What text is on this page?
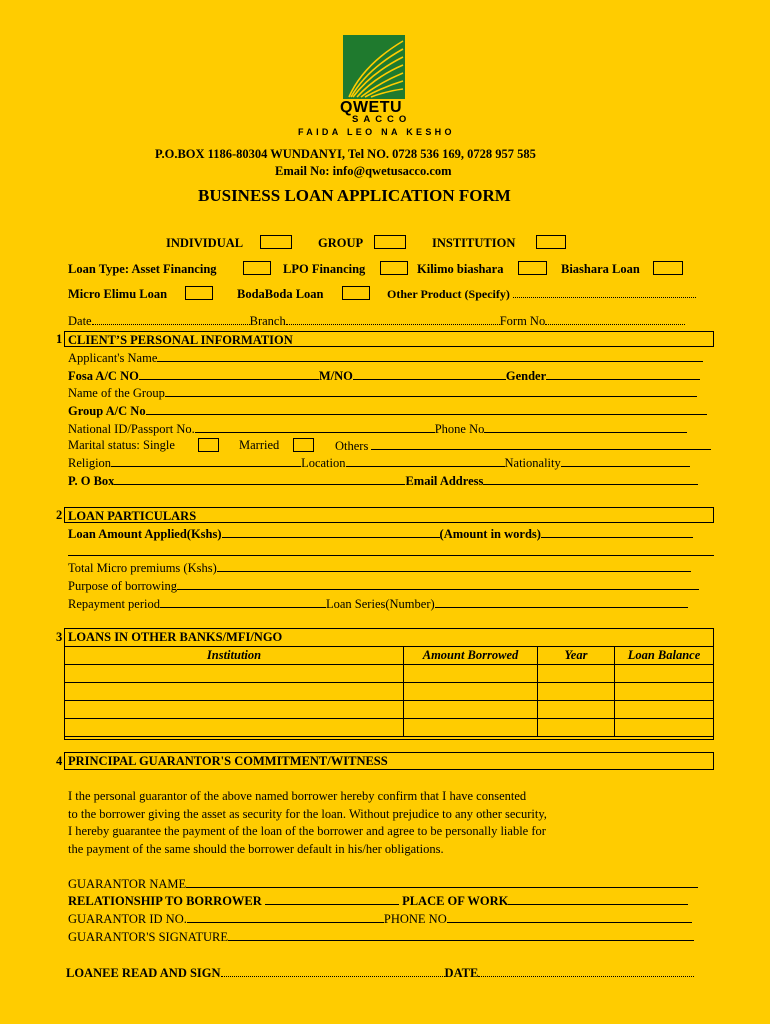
QWETU
SACCO
FAIDA LEO NA KESHO
P.O.BOX 1186-80304 WUNDANYI, Tel NO. 0728 536 169, 0728 957 585
Email No: info@qwetusacco.com
BUSINESS LOAN APPLICATION FORM
INDIVIDUAL	GROUP	INSTITUTION
Loan Type: Asset Financing	LPO Financing	Kilimo biashara	Biashara Loan
Micro Elimu Loan	BodaBoda Loan	Other Product (Specify)
Date	Branch	Form No
1 CLIENT’S PERSONAL INFORMATION
Applicant's Name
Fosa A/C NO	M/NO	Gender
Name of the Group
Group A/C No
National ID/Passport No.	Phone No
Marital status: Single	Married	Others
Religion	Location	Nationality
P. O Box	Email Address
2 LOAN PARTICULARS
Loan Amount Applied(Kshs)	(Amount in words)
Total Micro premiums (Kshs)
Purpose of borrowing
Repayment period	Loan Series(Number)
3 LOANS IN OTHER BANKS/MFI/NGO
Institution	Amount Borrowed	Year	Loan Balance

4 PRINCIPAL GUARANTOR'S COMMITMENT/WITNESS
I the personal guarantor of the above named borrower hereby confirm that I have consented
to the borrower giving the asset as security for the loan. Without prejudice to any other security,
I hereby guarantee the payment of the loan of the borrower and agree to be personally liable for
the payment of the same should the borrower default in his/her obligations.
GUARANTOR NAME
RELATIONSHIP TO BORROWER	PLACE OF WORK
GUARANTOR ID NO.	PHONE NO
GUARANTOR'S SIGNATURE
LOANEE READ AND SIGN	DATE
